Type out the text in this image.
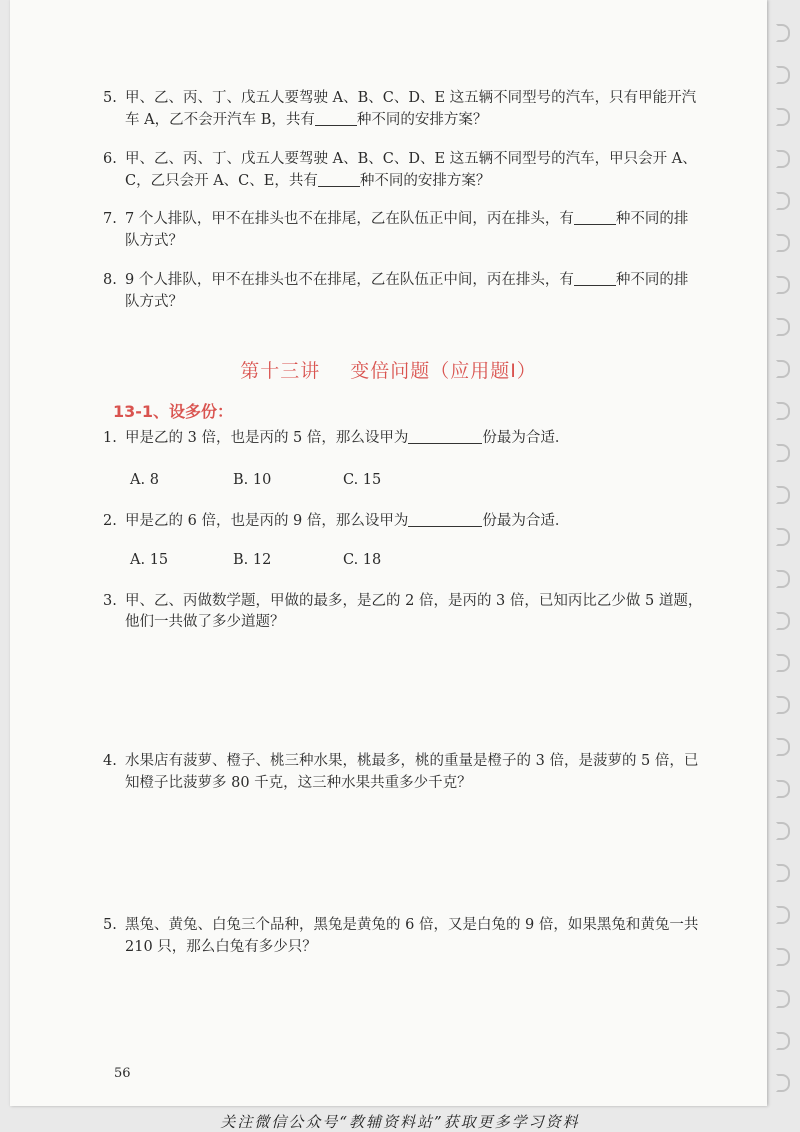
5. 甲、乙、丙、丁、戊五人要驾驶 A、B、C、D、E 这五辆不同型号的汽车，只有甲能开汽
车 A，乙不会开汽车 B，共有	种不同的安排方案？
6. 甲、乙、丙、丁、戊五人要驾驶 A、B、C、D、E 这五辆不同型号的汽车，甲只会开 A、
C，乙只会开 A、C、E，共有	种不同的安排方案？
7. 7 个人排队，甲不在排头也不在排尾，乙在队伍正中间，丙在排头，有	种不同的排
队方式？
8. 9 个人排队，甲不在排头也不在排尾，乙在队伍正中间，丙在排头，有	种不同的排
队方式？
第十三讲 变倍问题（应用题Ⅰ）
13-1、设多份：
1. 甲是乙的 3 倍，也是丙的 5 倍，那么设甲为	份最为合适．
A. 8	B. 10	C. 15
2. 甲是乙的 6 倍，也是丙的 9 倍，那么设甲为	份最为合适．
A. 15	B. 12	C. 18
3. 甲、乙、丙做数学题，甲做的最多，是乙的 2 倍，是丙的 3 倍，已知丙比乙少做 5 道题，
他们一共做了多少道题？
4. 水果店有菠萝、橙子、桃三种水果，桃最多，桃的重量是橙子的 3 倍，是菠萝的 5 倍，已
知橙子比菠萝多 80 千克，这三种水果共重多少千克？
5. 黑兔、黄兔、白兔三个品种，黑兔是黄兔的 6 倍，又是白兔的 9 倍，如果黑兔和黄兔一共
210 只，那么白兔有多少只？
56
关注微信公众号“教辅资料站”获取更多学习资料
